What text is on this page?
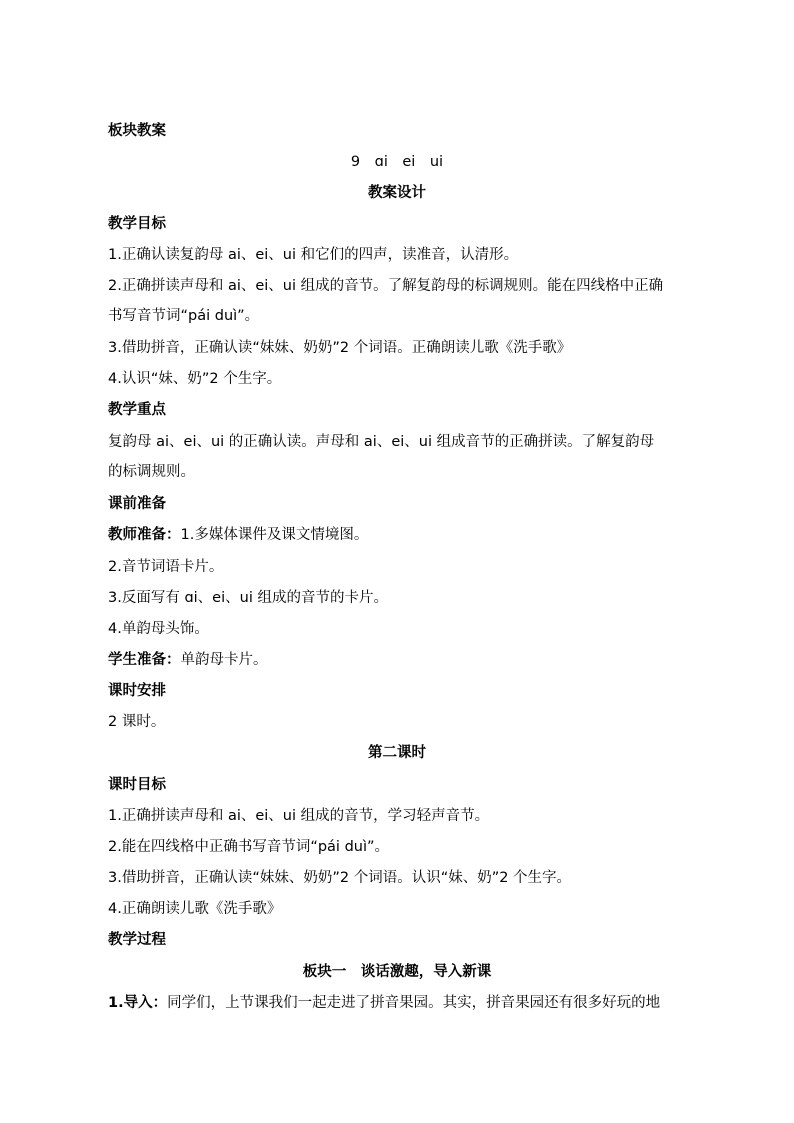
板块教案
9　ɑi　ei　ui
教案设计
教学目标
1.正确认读复韵母 ai、ei、ui 和它们的四声，读准音，认清形。
2.正确拼读声母和 ai、ei、ui 组成的音节。了解复韵母的标调规则。能在四线格中正确
书写音节词“pái duì”。
3.借助拼音，正确认读“妹妹、奶奶”2 个词语。正确朗读儿歌《洗手歌》
4.认识“妹、奶”2 个生字。
教学重点
复韵母 ai、ei、ui 的正确认读。声母和 ai、ei、ui 组成音节的正确拼读。了解复韵母
的标调规则。
课前准备
教师准备：1.多媒体课件及课文情境图。
2.音节词语卡片。
3.反面写有 ɑi、ei、ui 组成的音节的卡片。
4.单韵母头饰。
学生准备：单韵母卡片。
课时安排
2 课时。
第二课时
课时目标
1.正确拼读声母和 ai、ei、ui 组成的音节，学习轻声音节。
2.能在四线格中正确书写音节词“pái duì”。
3.借助拼音，正确认读“妹妹、奶奶”2 个词语。认识“妹、奶”2 个生字。
4.正确朗读儿歌《洗手歌》
教学过程
板块一　谈话激趣，导入新课
1.导入：同学们，上节课我们一起走进了拼音果园。其实，拼音果园还有很多好玩的地
